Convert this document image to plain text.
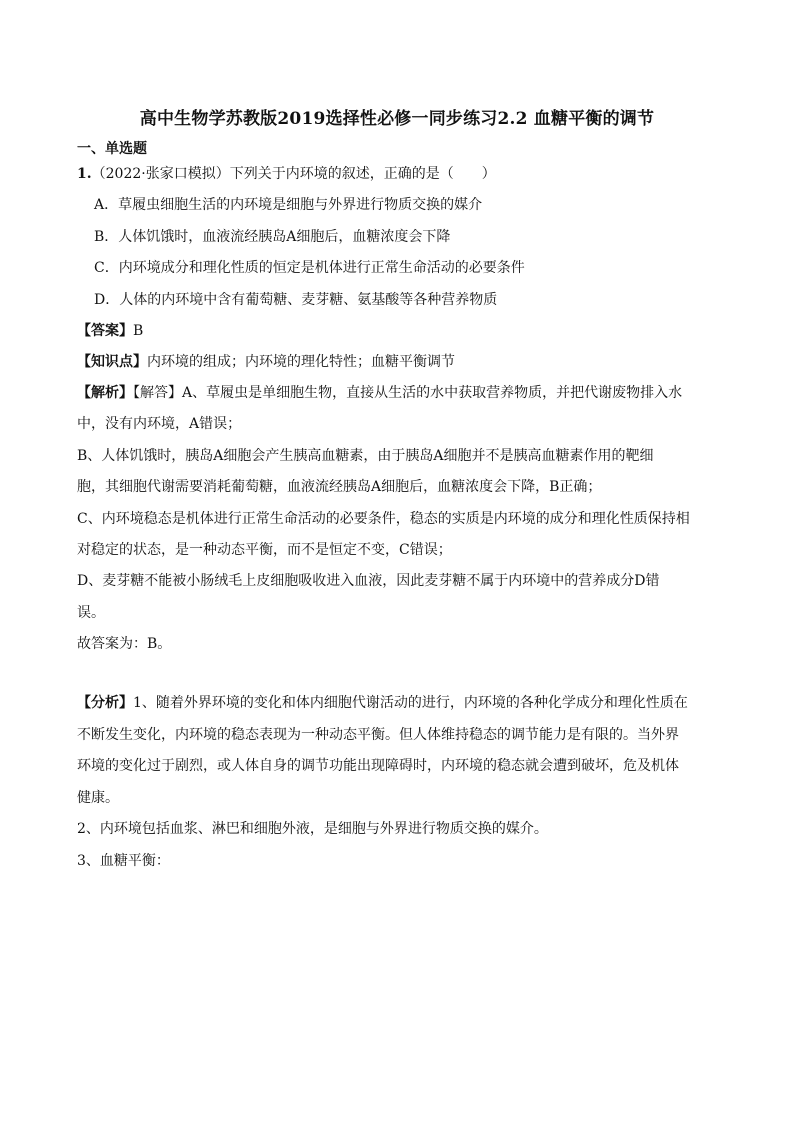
高中生物学苏教版2019选择性必修一同步练习2.2 血糖平衡的调节
一、单选题
1.（2022·张家口模拟）下列关于内环境的叙述，正确的是（　　）
A．草履虫细胞生活的内环境是细胞与外界进行物质交换的媒介
B．人体饥饿时，血液流经胰岛A细胞后，血糖浓度会下降
C．内环境成分和理化性质的恒定是机体进行正常生命活动的必要条件
D．人体的内环境中含有葡萄糖、麦芽糖、氨基酸等各种营养物质
【答案】B
【知识点】内环境的组成；内环境的理化特性；血糖平衡调节
【解析】【解答】A、草履虫是单细胞生物，直接从生活的水中获取营养物质，并把代谢废物排入水
中，没有内环境，A错误；
B、人体饥饿时，胰岛A细胞会产生胰高血糖素，由于胰岛A细胞并不是胰高血糖素作用的靶细
胞，其细胞代谢需要消耗葡萄糖，血液流经胰岛A细胞后，血糖浓度会下降，B正确；
C、内环境稳态是机体进行正常生命活动的必要条件，稳态的实质是内环境的成分和理化性质保持相
对稳定的状态，是一种动态平衡，而不是恒定不变，C错误；
D、麦芽糖不能被小肠绒毛上皮细胞吸收进入血液，因此麦芽糖不属于内环境中的营养成分D错
误。
故答案为：B。
【分析】1、随着外界环境的变化和体内细胞代谢活动的进行，内环境的各种化学成分和理化性质在
不断发生变化，内环境的稳态表现为一种动态平衡。但人体维持稳态的调节能力是有限的。当外界
环境的变化过于剧烈，或人体自身的调节功能出现障碍时，内环境的稳态就会遭到破坏，危及机体
健康。
2、内环境包括血浆、淋巴和细胞外液，是细胞与外界进行物质交换的媒介。
3、血糖平衡：
